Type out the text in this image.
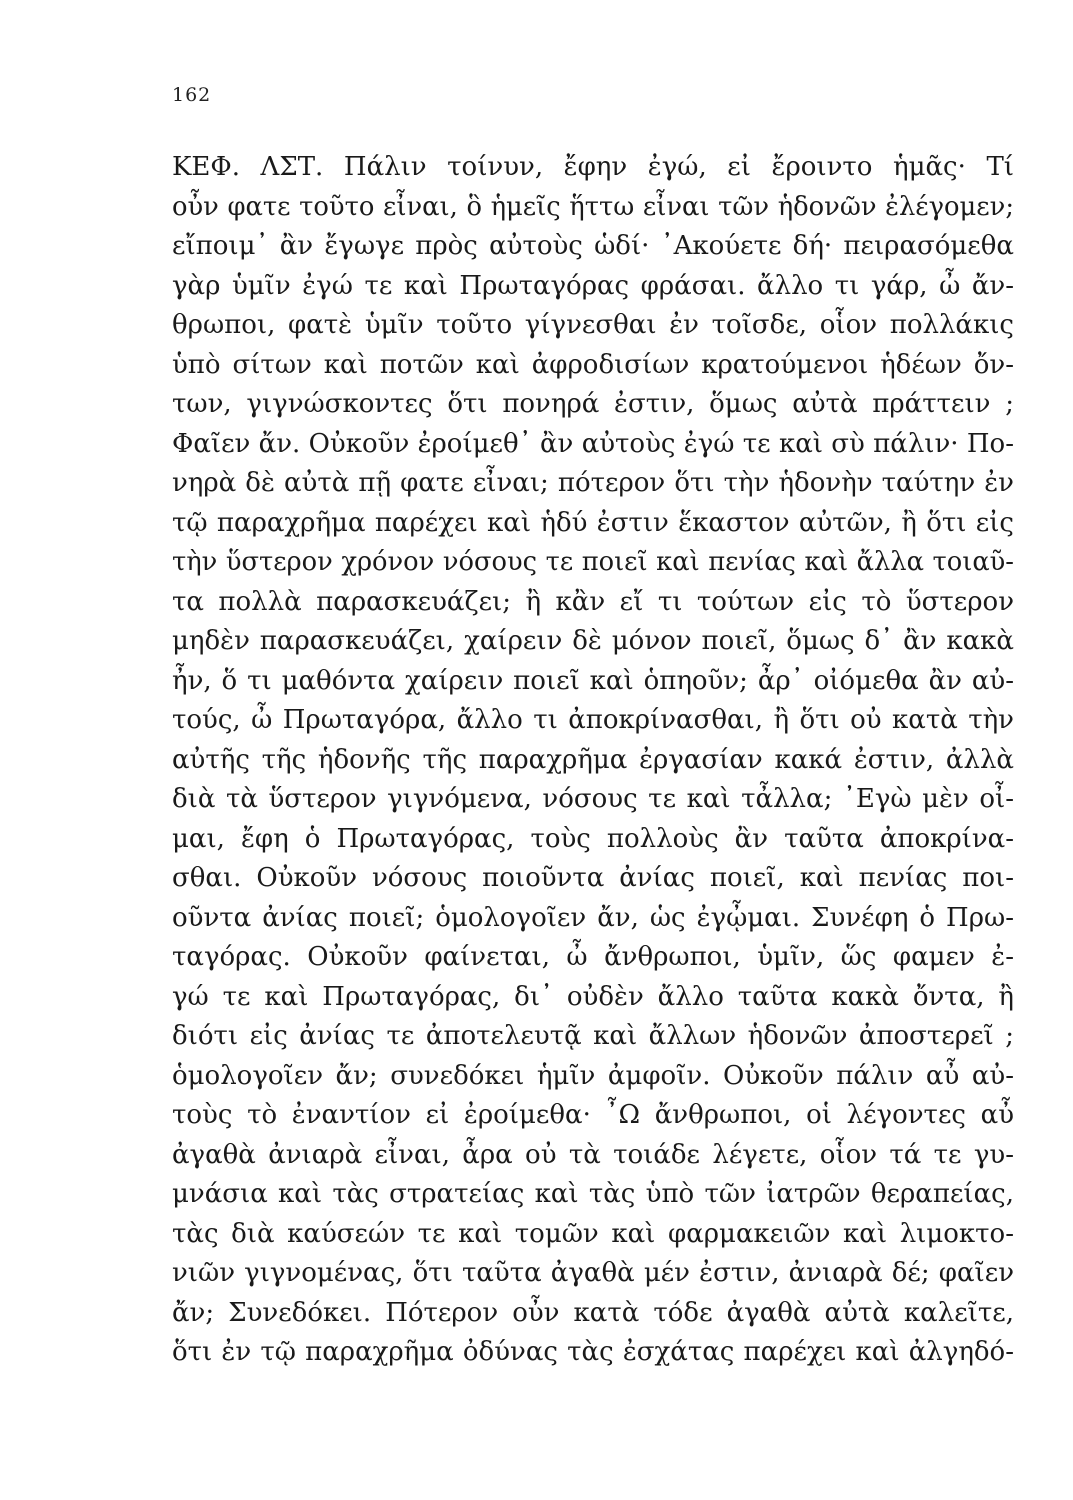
162
ΚΕΦ. ΛΣΤ. Πάλιν τοίνυν, ἔφην ἐγώ, εἰ ἔροιντο ἡμᾶς· Τί
οὖν φατε τοῦτο εἶναι, ὃ ἡμεῖς ἥττω εἶναι τῶν ἡδονῶν ἐλέγομεν;
εἴποιμ᾽ ἂν ἔγωγε πρὸς αὐτοὺς ὡδί· ᾽Ακούετε δή· πειρασόμεθα
γὰρ ὑμῖν ἐγώ τε καὶ Πρωταγόρας φράσαι. ἄλλο τι γάρ, ὦ ἄν-
θρωποι, φατὲ ὑμῖν τοῦτο γίγνεσθαι ἐν τοῖσδε, οἷον πολλάκις
ὑπὸ σίτων καὶ ποτῶν καὶ ἀφροδισίων κρατούμενοι ἡδέων ὄν-
των, γιγνώσκοντες ὅτι πονηρά ἐστιν, ὅμως αὐτὰ πράττειν ;
Φαῖεν ἄν. Οὐκοῦν ἐροίμεθ᾽ ἂν αὐτοὺς ἐγώ τε καὶ σὺ πάλιν· Πο-
νηρὰ δὲ αὐτὰ πῇ φατε εἶναι; πότερον ὅτι τὴν ἡδονὴν ταύτην ἐν
τῷ παραχρῆμα παρέχει καὶ ἡδύ ἐστιν ἕκαστον αὐτῶν, ἢ ὅτι εἰς
τὴν ὕστερον χρόνον νόσους τε ποιεῖ καὶ πενίας καὶ ἄλλα τοιαῦ-
τα πολλὰ παρασκευάζει; ἢ κἂν εἴ τι τούτων εἰς τὸ ὕστερον
μηδὲν παρασκευάζει, χαίρειν δὲ μόνον ποιεῖ, ὅμως δ᾽ ἂν κακὰ
ἦν, ὅ τι μαθόντα χαίρειν ποιεῖ καὶ ὁπηοῦν; ἆρ᾽ οἰόμεθα ἂν αὐ-
τούς, ὦ Πρωταγόρα, ἄλλο τι ἀποκρίνασθαι, ἢ ὅτι οὐ κατὰ τὴν
αὐτῆς τῆς ἡδονῆς τῆς παραχρῆμα ἐργασίαν κακά ἐστιν, ἀλλὰ
διὰ τὰ ὕστερον γιγνόμενα, νόσους τε καὶ τἆλλα; ᾽Εγὼ μὲν οἶ-
μαι, ἔφη ὁ Πρωταγόρας, τοὺς πολλοὺς ἂν ταῦτα ἀποκρίνα-
σθαι. Οὐκοῦν νόσους ποιοῦντα ἀνίας ποιεῖ, καὶ πενίας ποι-
οῦντα ἀνίας ποιεῖ; ὁμολογοῖεν ἄν, ὡς ἐγᾦμαι. Συνέφη ὁ Πρω-
ταγόρας. Οὐκοῦν φαίνεται, ὦ ἄνθρωποι, ὑμῖν, ὥς φαμεν ἐ-
γώ τε καὶ Πρωταγόρας, δι᾽ οὐδὲν ἄλλο ταῦτα κακὰ ὄντα, ἢ
διότι εἰς ἀνίας τε ἀποτελευτᾷ καὶ ἄλλων ἡδονῶν ἀποστερεῖ ;
ὁμολογοῖεν ἄν; συνεδόκει ἡμῖν ἀμφοῖν. Οὐκοῦν πάλιν αὖ αὐ-
τοὺς τὸ ἐναντίον εἰ ἐροίμεθα· ῏Ω ἄνθρωποι, οἱ λέγοντες αὖ
ἀγαθὰ ἀνιαρὰ εἶναι, ἆρα οὐ τὰ τοιάδε λέγετε, οἷον τά τε γυ-
μνάσια καὶ τὰς στρατείας καὶ τὰς ὑπὸ τῶν ἰατρῶν θεραπείας,
τὰς διὰ καύσεών τε καὶ τομῶν καὶ φαρμακειῶν καὶ λιμοκτο-
νιῶν γιγνομένας, ὅτι ταῦτα ἀγαθὰ μέν ἐστιν, ἀνιαρὰ δέ; φαῖεν
ἄν; Συνεδόκει. Πότερον οὖν κατὰ τόδε ἀγαθὰ αὐτὰ καλεῖτε,
ὅτι ἐν τῷ παραχρῆμα ὀδύνας τὰς ἐσχάτας παρέχει καὶ ἀλγηδό-
